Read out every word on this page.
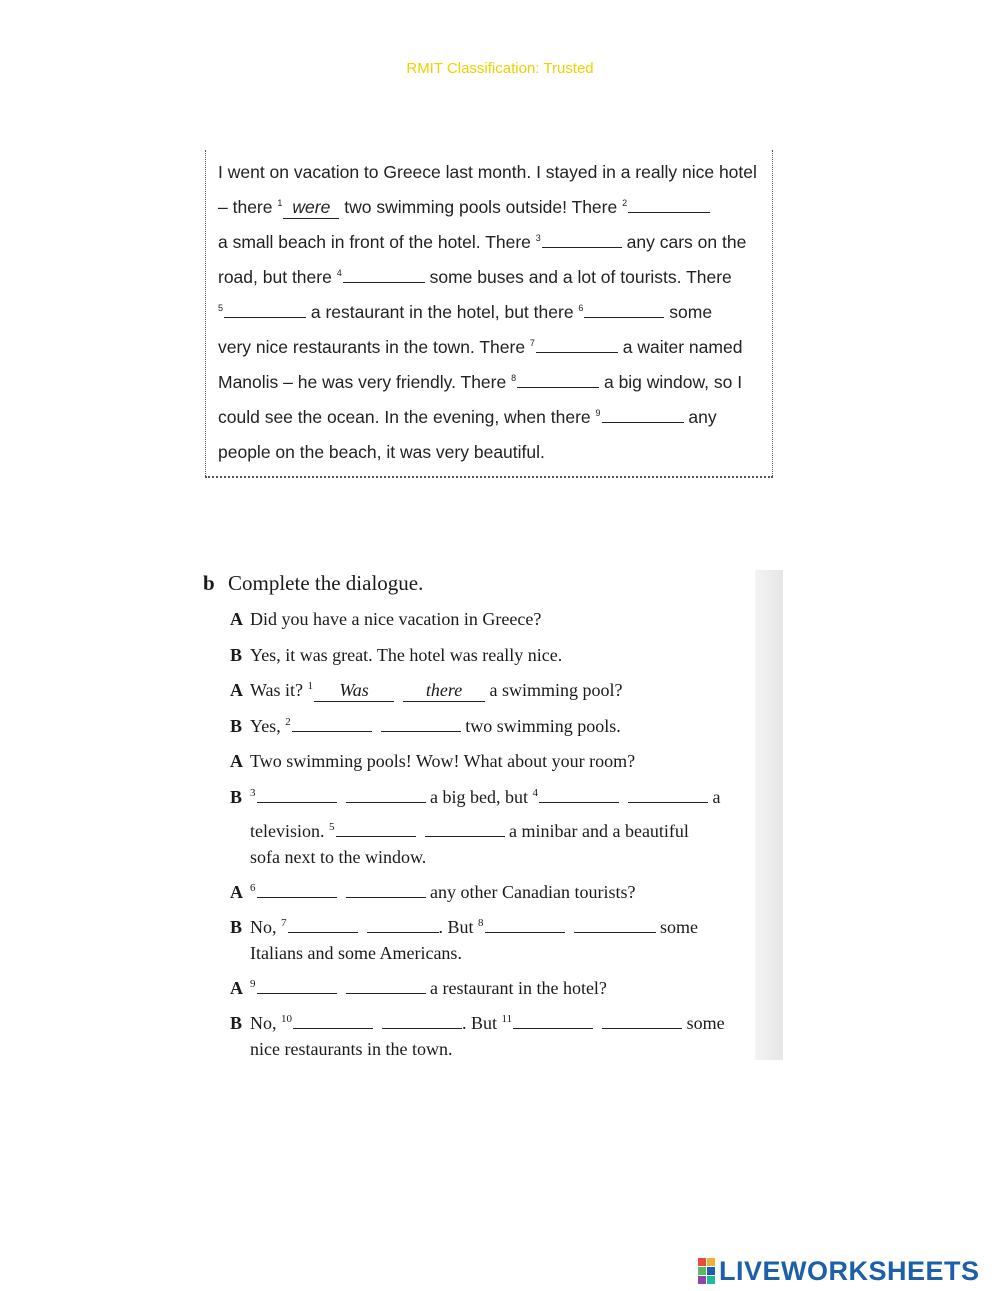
RMIT Classification: Trusted
I went on vacation to Greece last month. I stayed in a really nice hotel
– there $^1$ were two swimming pools outside! There $^2$
a small beach in front of the hotel. There $^3$	any cars on the
road, but there $^4$	some buses and a lot of tourists. There
$^5$	a restaurant in the hotel, but there $^6$	some
very nice restaurants in the town. There $^7$	a waiter named
Manolis – he was very friendly. There $^8$	a big window, so I
could see the ocean. In the evening, when there $^9$	any
people on the beach, it was very beautiful.
b Complete the dialogue.
A Did you have a nice vacation in Greece?
B Yes, it was great. The hotel was really nice.
A Was it? $^1$ Was	there a swimming pool?
B Yes, $^2$	two swimming pools.
A Two swimming pools! Wow! What about your room?
B $^3$	a big bed, but $^4$	a
television. $^5$	a minibar and a beautiful
sofa next to the window.
A $^6$	any other Canadian tourists?
B No, $^7$	. But $^8$	some
Italians and some Americans.
A $^9$	a restaurant in the hotel?
B No, $^{10}$	. But $^{11}$	some
nice restaurants in the town.
LIVEWORKSHEETS
